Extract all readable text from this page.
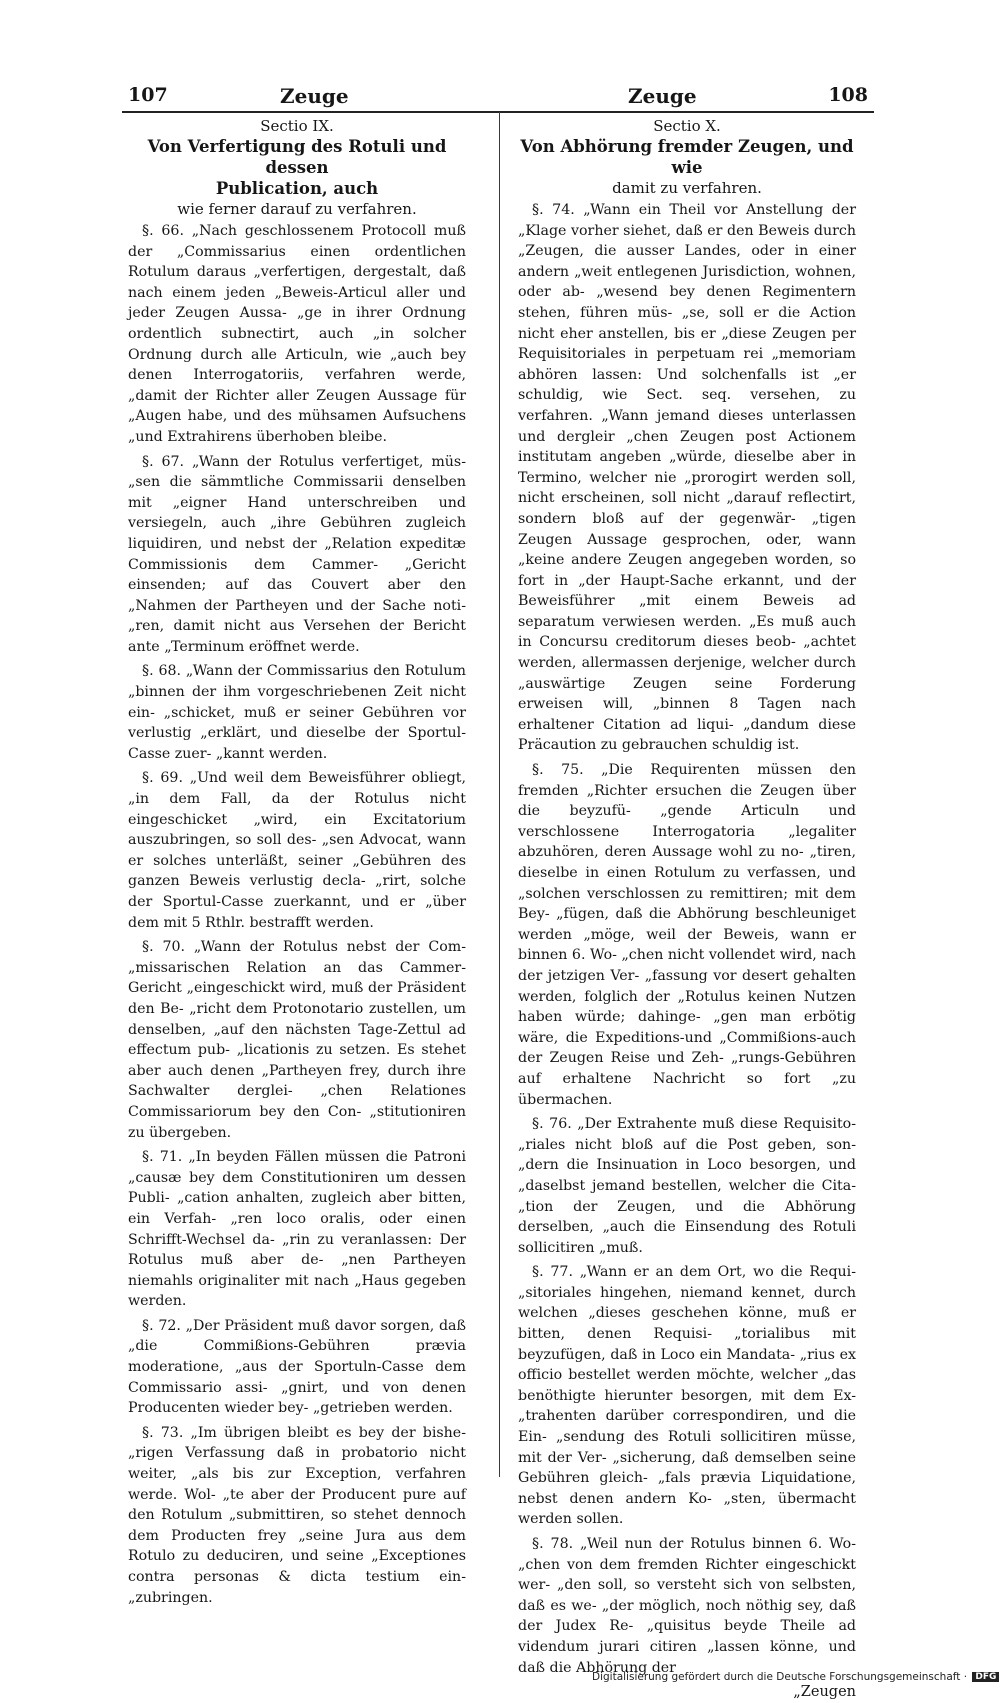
107	Zeuge	Zeuge	108
Sectio IX.
Von Verfertigung des Rotuli und dessen
Publication, auch
wie ferner darauf zu verfahren.

§. 66. „Nach geschlossenem Protocoll muß der „Commissarius einen ordentlichen Rotulum daraus „verfertigen, dergestalt, daß nach einem jeden „Beweis-Articul aller und jeder Zeugen Aussa- „ge in ihrer Ordnung ordentlich subnectirt, auch „in solcher Ordnung durch alle Articuln, wie „auch bey denen Interrogatoriis, verfahren werde, „damit der Richter aller Zeugen Aussage für „Augen habe, und des mühsamen Aufsuchens „und Extrahirens überhoben bleibe.

§. 67. „Wann der Rotulus verfertiget, müs- „sen die sämmtliche Commissarii denselben mit „eigner Hand unterschreiben und versiegeln, auch „ihre Gebühren zugleich liquidiren, und nebst der „Relation expeditæ Commissionis dem Cammer- „Gericht einsenden; auf das Couvert aber den „Nahmen der Partheyen und der Sache noti- „ren, damit nicht aus Versehen der Bericht ante „Terminum eröffnet werde.

§. 68. „Wann der Commissarius den Rotulum „binnen der ihm vorgeschriebenen Zeit nicht ein- „schicket, muß er seiner Gebühren vor verlustig „erklärt, und dieselbe der Sportul-Casse zuer- „kannt werden.

§. 69. „Und weil dem Beweisführer obliegt, „in dem Fall, da der Rotulus nicht eingeschicket „wird, ein Excitatorium auszubringen, so soll des- „sen Advocat, wann er solches unterläßt, seiner „Gebühren des ganzen Beweis verlustig decla- „rirt, solche der Sportul-Casse zuerkannt, und er „über dem mit 5 Rthlr. bestrafft werden.

§. 70. „Wann der Rotulus nebst der Com- „missarischen Relation an das Cammer-Gericht „eingeschickt wird, muß der Präsident den Be- „richt dem Protonotario zustellen, um denselben, „auf den nächsten Tage-Zettul ad effectum pub- „licationis zu setzen. Es stehet aber auch denen „Partheyen frey, durch ihre Sachwalter derglei- „chen Relationes Commissariorum bey den Con- „stitutioniren zu übergeben.

§. 71. „In beyden Fällen müssen die Patroni „causæ bey dem Constitutioniren um dessen Publi- „cation anhalten, zugleich aber bitten, ein Verfah- „ren loco oralis, oder einen Schrifft-Wechsel da- „rin zu veranlassen: Der Rotulus muß aber de- „nen Partheyen niemahls originaliter mit nach „Haus gegeben werden.

§. 72. „Der Präsident muß davor sorgen, daß „die Commißions-Gebühren prævia moderatione, „aus der Sportuln-Casse dem Commissario assi- „gnirt, und von denen Producenten wieder bey- „getrieben werden.

§. 73. „Im übrigen bleibt es bey der bishe- „rigen Verfassung daß in probatorio nicht weiter, „als bis zur Exception, verfahren werde. Wol- „te aber der Producent pure auf den Rotulum „submittiren, so stehet dennoch dem Producten frey „seine Jura aus dem Rotulo zu deduciren, und seine „Exceptiones contra personas & dicta testium ein- „zubringen.

Sectio X.
Von Abhörung fremder Zeugen, und wie
damit zu verfahren.

§. 74. „Wann ein Theil vor Anstellung der „Klage vorher siehet, daß er den Beweis durch „Zeugen, die ausser Landes, oder in einer andern „weit entlegenen Jurisdiction, wohnen, oder ab- „wesend bey denen Regimentern stehen, führen müs- „se, soll er die Action nicht eher anstellen, bis er „diese Zeugen per Requisitoriales in perpetuam rei „memoriam abhören lassen: Und solchenfalls ist „er schuldig, wie Sect. seq. versehen, zu verfahren. „Wann jemand dieses unterlassen und dergleir „chen Zeugen post Actionem institutam angeben „würde, dieselbe aber in Termino, welcher nie „prorogirt werden soll, nicht erscheinen, soll nicht „darauf reflectirt, sondern bloß auf der gegenwär- „tigen Zeugen Aussage gesprochen, oder, wann „keine andere Zeugen angegeben worden, so fort in „der Haupt-Sache erkannt, und der Beweisführer „mit einem Beweis ad separatum verwiesen werden. „Es muß auch in Concursu creditorum dieses beob- „achtet werden, allermassen derjenige, welcher durch „auswärtige Zeugen seine Forderung erweisen will, „binnen 8 Tagen nach erhaltener Citation ad liqui- „dandum diese Präcaution zu gebrauchen schuldig ist.

§. 75. „Die Requirenten müssen den fremden „Richter ersuchen die Zeugen über die beyzufü- „gende Articuln und verschlossene Interrogatoria „legaliter abzuhören, deren Aussage wohl zu no- „tiren, dieselbe in einen Rotulum zu verfassen, und „solchen verschlossen zu remittiren; mit dem Bey- „fügen, daß die Abhörung beschleuniget werden „möge, weil der Beweis, wann er binnen 6. Wo- „chen nicht vollendet wird, nach der jetzigen Ver- „fassung vor desert gehalten werden, folglich der „Rotulus keinen Nutzen haben würde; dahinge- „gen man erbötig wäre, die Expeditions-und „Commißions-auch der Zeugen Reise und Zeh- „rungs-Gebühren auf erhaltene Nachricht so fort „zu übermachen.

§. 76. „Der Extrahente muß diese Requisito- „riales nicht bloß auf die Post geben, son- „dern die Insinuation in Loco besorgen, und „daselbst jemand bestellen, welcher die Cita- „tion der Zeugen, und die Abhörung derselben, „auch die Einsendung des Rotuli sollicitiren „muß.

§. 77. „Wann er an dem Ort, wo die Requi- „sitoriales hingehen, niemand kennet, durch welchen „dieses geschehen könne, muß er bitten, denen Requisi- „torialibus mit beyzufügen, daß in Loco ein Mandata- „rius ex officio bestellet werden möchte, welcher „das benöthigte hierunter besorgen, mit dem Ex- „trahenten darüber correspondiren, und die Ein- „sendung des Rotuli sollicitiren müsse, mit der Ver- „sicherung, daß demselben seine Gebühren gleich- „fals prævia Liquidatione, nebst denen andern Ko- „sten, übermacht werden sollen.

§. 78. „Weil nun der Rotulus binnen 6. Wo- „chen von dem fremden Richter eingeschickt wer- „den soll, so versteht sich von selbsten, daß es we- „der möglich, noch nöthig sey, daß der Judex Re- „quisitus beyde Theile ad videndum jurari citiren „lassen könne, und daß die Abhörung der

„Zeugen
Digitalisierung gefördert durch die Deutsche Forschungsgemeinschaft · DFG
